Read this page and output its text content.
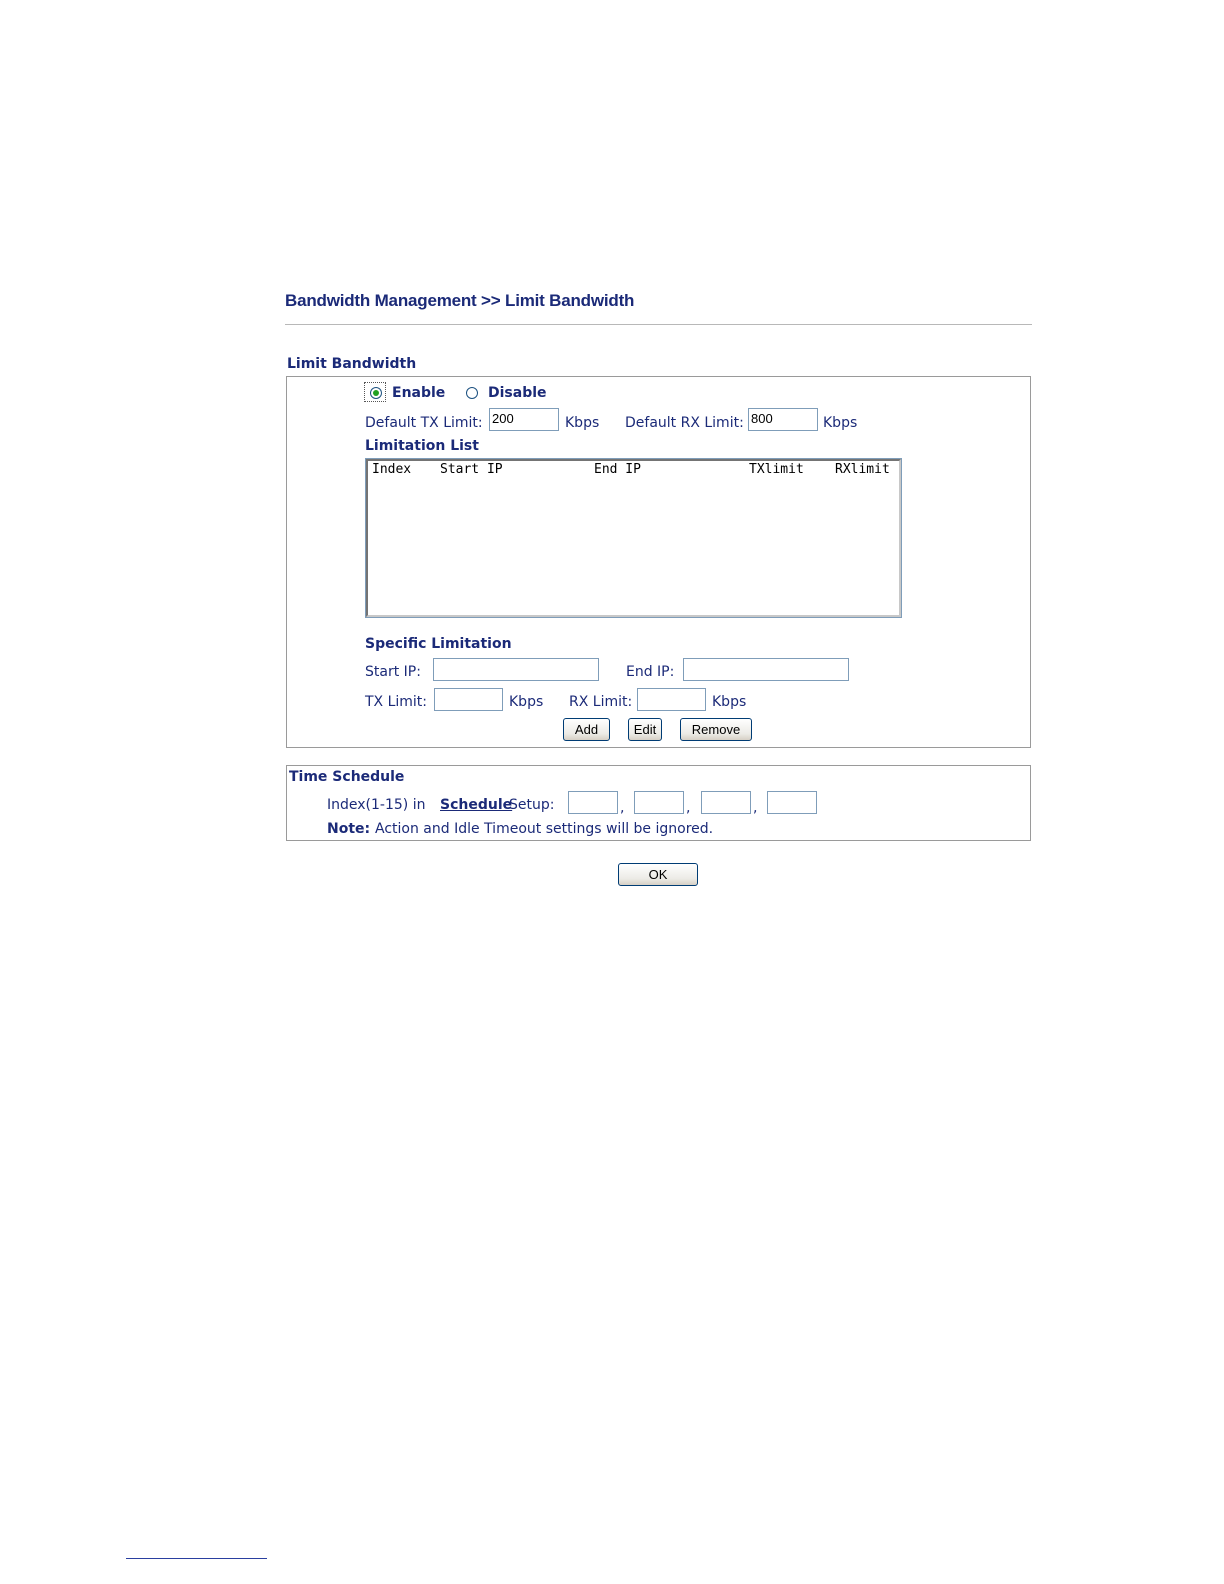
Bandwidth Management >> Limit Bandwidth
Limit Bandwidth
Enable	Disable
Default TX Limit: 200	Kbps Default RX Limit: 800	Kbps
Limitation List
Index Start IP	End IP	TXlimit RXlimit
Specific Limitation
Start IP:	End IP:
TX Limit:	Kbps RX Limit:	Kbps
Add	Edit	Remove
Time Schedule
Index(1-15) in Schedule
Setup:	,	,	,
Note: Action and Idle Timeout settings will be ignored.
OK
